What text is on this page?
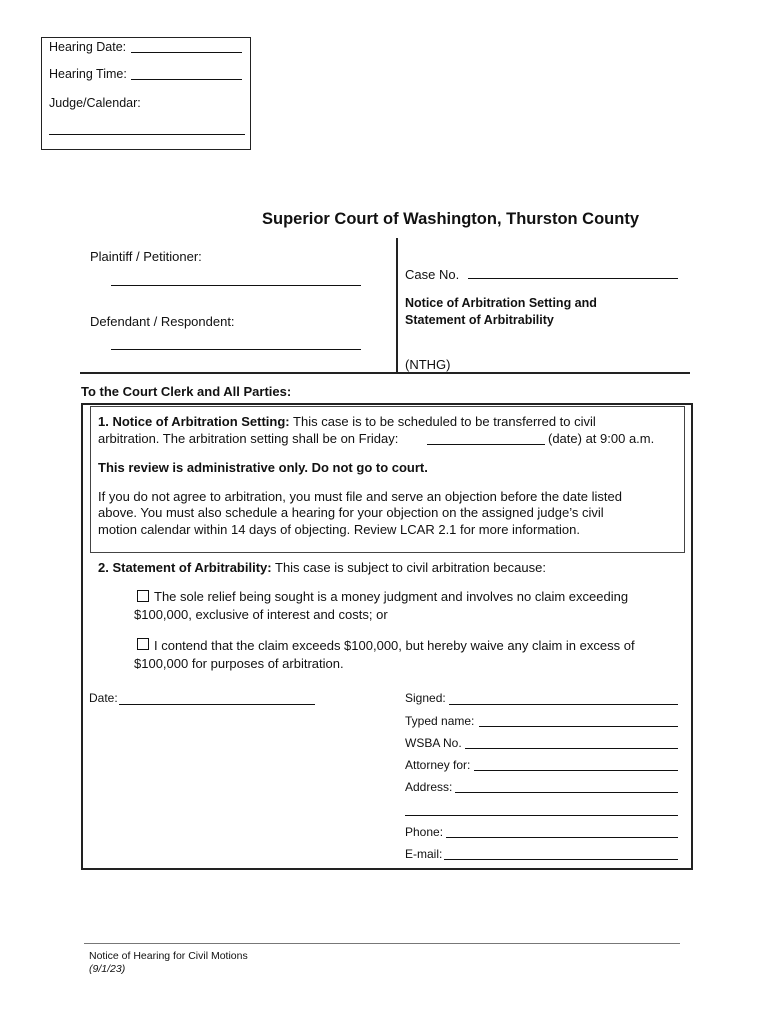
Hearing Date:
Hearing Time:
Judge/Calendar:
Superior Court of Washington, Thurston County
Plaintiff / Petitioner:
Defendant / Respondent:
Case No.
Notice of Arbitration Setting and
Statement of Arbitrability
(NTHG)
To the Court Clerk and All Parties:
1. Notice of Arbitration Setting: This case is to be scheduled to be transferred to civil
arbitration. The arbitration setting shall be on Friday:	(date) at 9:00 a.m.
This review is administrative only. Do not go to court.
If you do not agree to arbitration, you must file and serve an objection before the date listed
above. You must also schedule a hearing for your objection on the assigned judge’s civil
motion calendar within 14 days of objecting. Review LCAR 2.1 for more information.
2. Statement of Arbitrability: This case is subject to civil arbitration because:
The sole relief being sought is a money judgment and involves no claim exceeding
$100,000, exclusive of interest and costs; or
I contend that the claim exceeds $100,000, but hereby waive any claim in excess of
$100,000 for purposes of arbitration.
Date:	Signed:
Typed name:
WSBA No.
Attorney for:
Address:
Phone:
E-mail:
Notice of Hearing for Civil Motions
(9/1/23)
